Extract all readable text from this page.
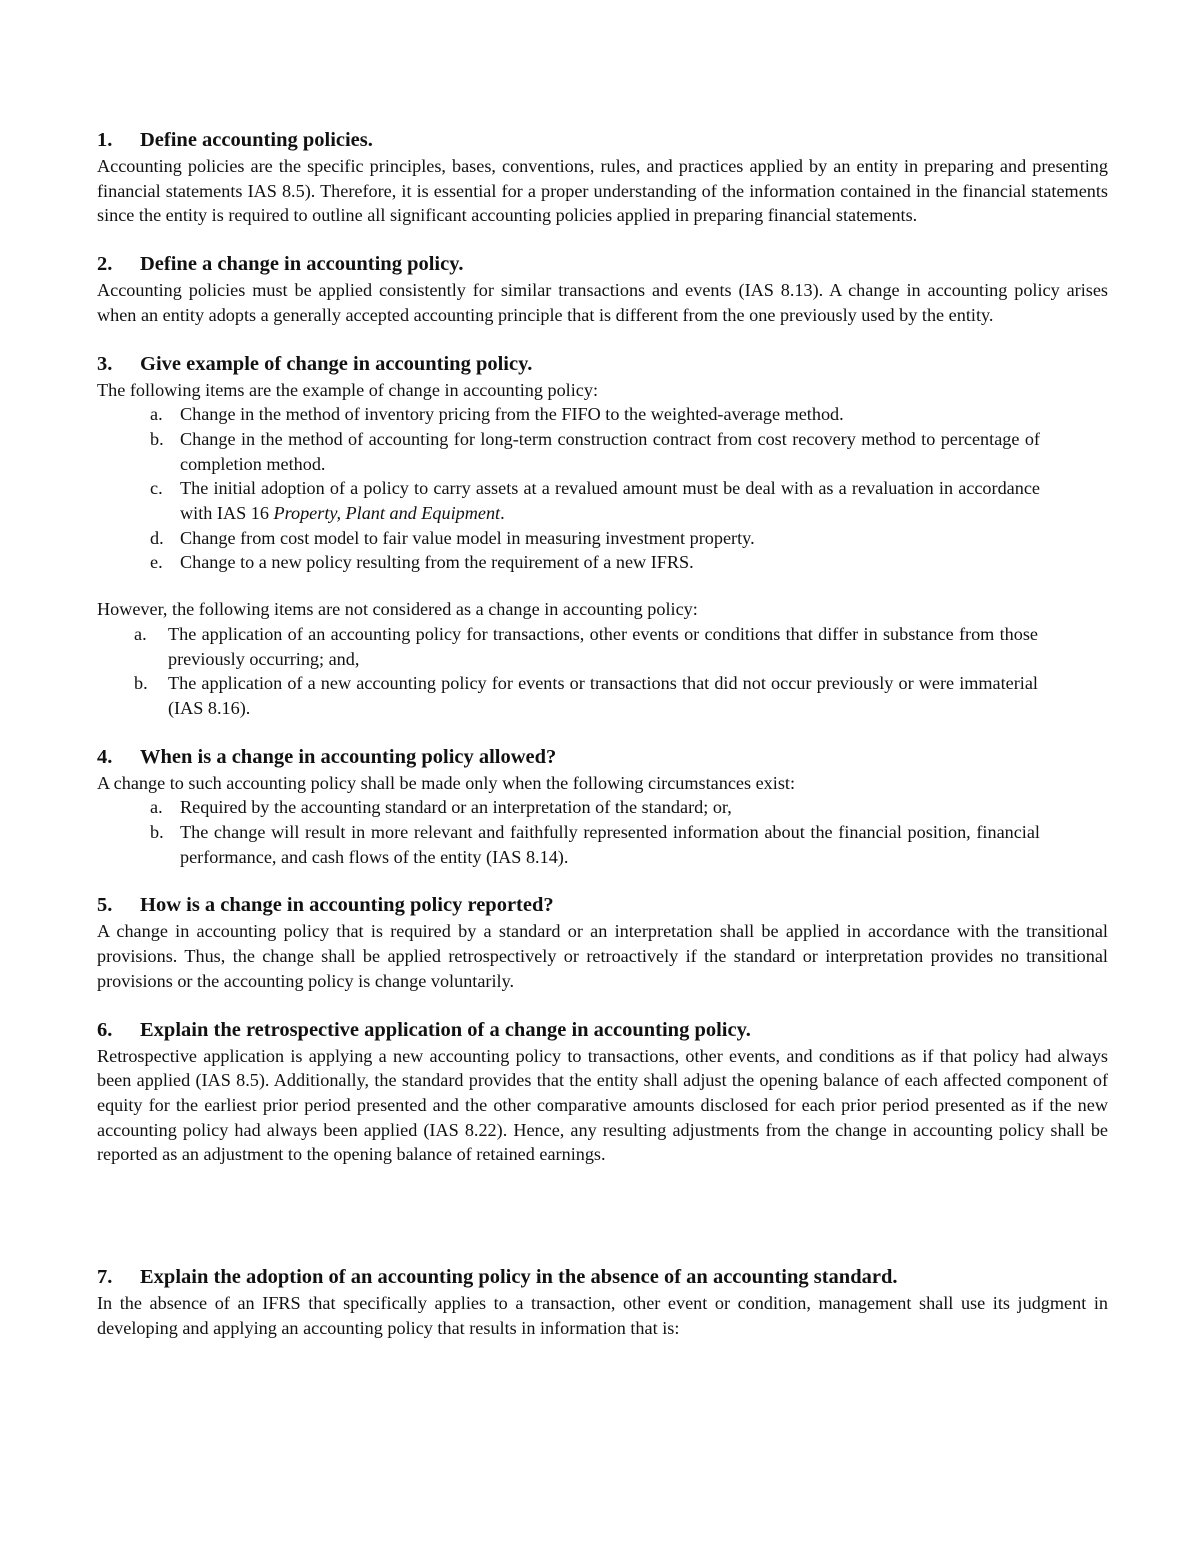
1.	Define accounting policies.

Accounting policies are the specific principles, bases, conventions, rules, and practices applied by an entity in preparing and presenting financial statements IAS 8.5). Therefore, it is essential for a proper understanding of the information contained in the financial statements since the entity is required to outline all significant accounting policies applied in preparing financial statements.

2.	Define a change in accounting policy.

Accounting policies must be applied consistently for similar transactions and events (IAS 8.13). A change in accounting policy arises when an entity adopts a generally accepted accounting principle that is different from the one previously used by the entity.

3.	Give example of change in accounting policy.

The following items are the example of change in accounting policy:

a. Change in the method of inventory pricing from the FIFO to the weighted-average method.
b. Change in the method of accounting for long-term construction contract from cost recovery method to percentage of completion method.
c. The initial adoption of a policy to carry assets at a revalued amount must be deal with as a revaluation in accordance with IAS 16 Property, Plant and Equipment.
d. Change from cost model to fair value model in measuring investment property.
e. Change to a new policy resulting from the requirement of a new IFRS.

However, the following items are not considered as a change in accounting policy:

a.	The application of an accounting policy for transactions, other events or conditions that differ in substance from those previously occurring; and,
b.	The application of a new accounting policy for events or transactions that did not occur previously or were immaterial (IAS 8.16).
4.	When is a change in accounting policy allowed?

A change to such accounting policy shall be made only when the following circumstances exist:

a. Required by the accounting standard or an interpretation of the standard; or,
b. The change will result in more relevant and faithfully represented information about the financial position, financial performance, and cash flows of the entity (IAS 8.14).
5.	How is a change in accounting policy reported?

A change in accounting policy that is required by a standard or an interpretation shall be applied in accordance with the transitional provisions. Thus, the change shall be applied retrospectively or retroactively if the standard or interpretation provides no transitional provisions or the accounting policy is change voluntarily.

6.	Explain the retrospective application of a change in accounting policy.

Retrospective application is applying a new accounting policy to transactions, other events, and conditions as if that policy had always been applied (IAS 8.5). Additionally, the standard provides that the entity shall adjust the opening balance of each affected component of equity for the earliest prior period presented and the other comparative amounts disclosed for each prior period presented as if the new accounting policy had always been applied (IAS 8.22). Hence, any resulting adjustments from the change in accounting policy shall be reported as an adjustment to the opening balance of retained earnings.

7.	Explain the adoption of an accounting policy in the absence of an accounting standard.

In the absence of an IFRS that specifically applies to a transaction, other event or condition, management shall use its judgment in developing and applying an accounting policy that results in information that is:
